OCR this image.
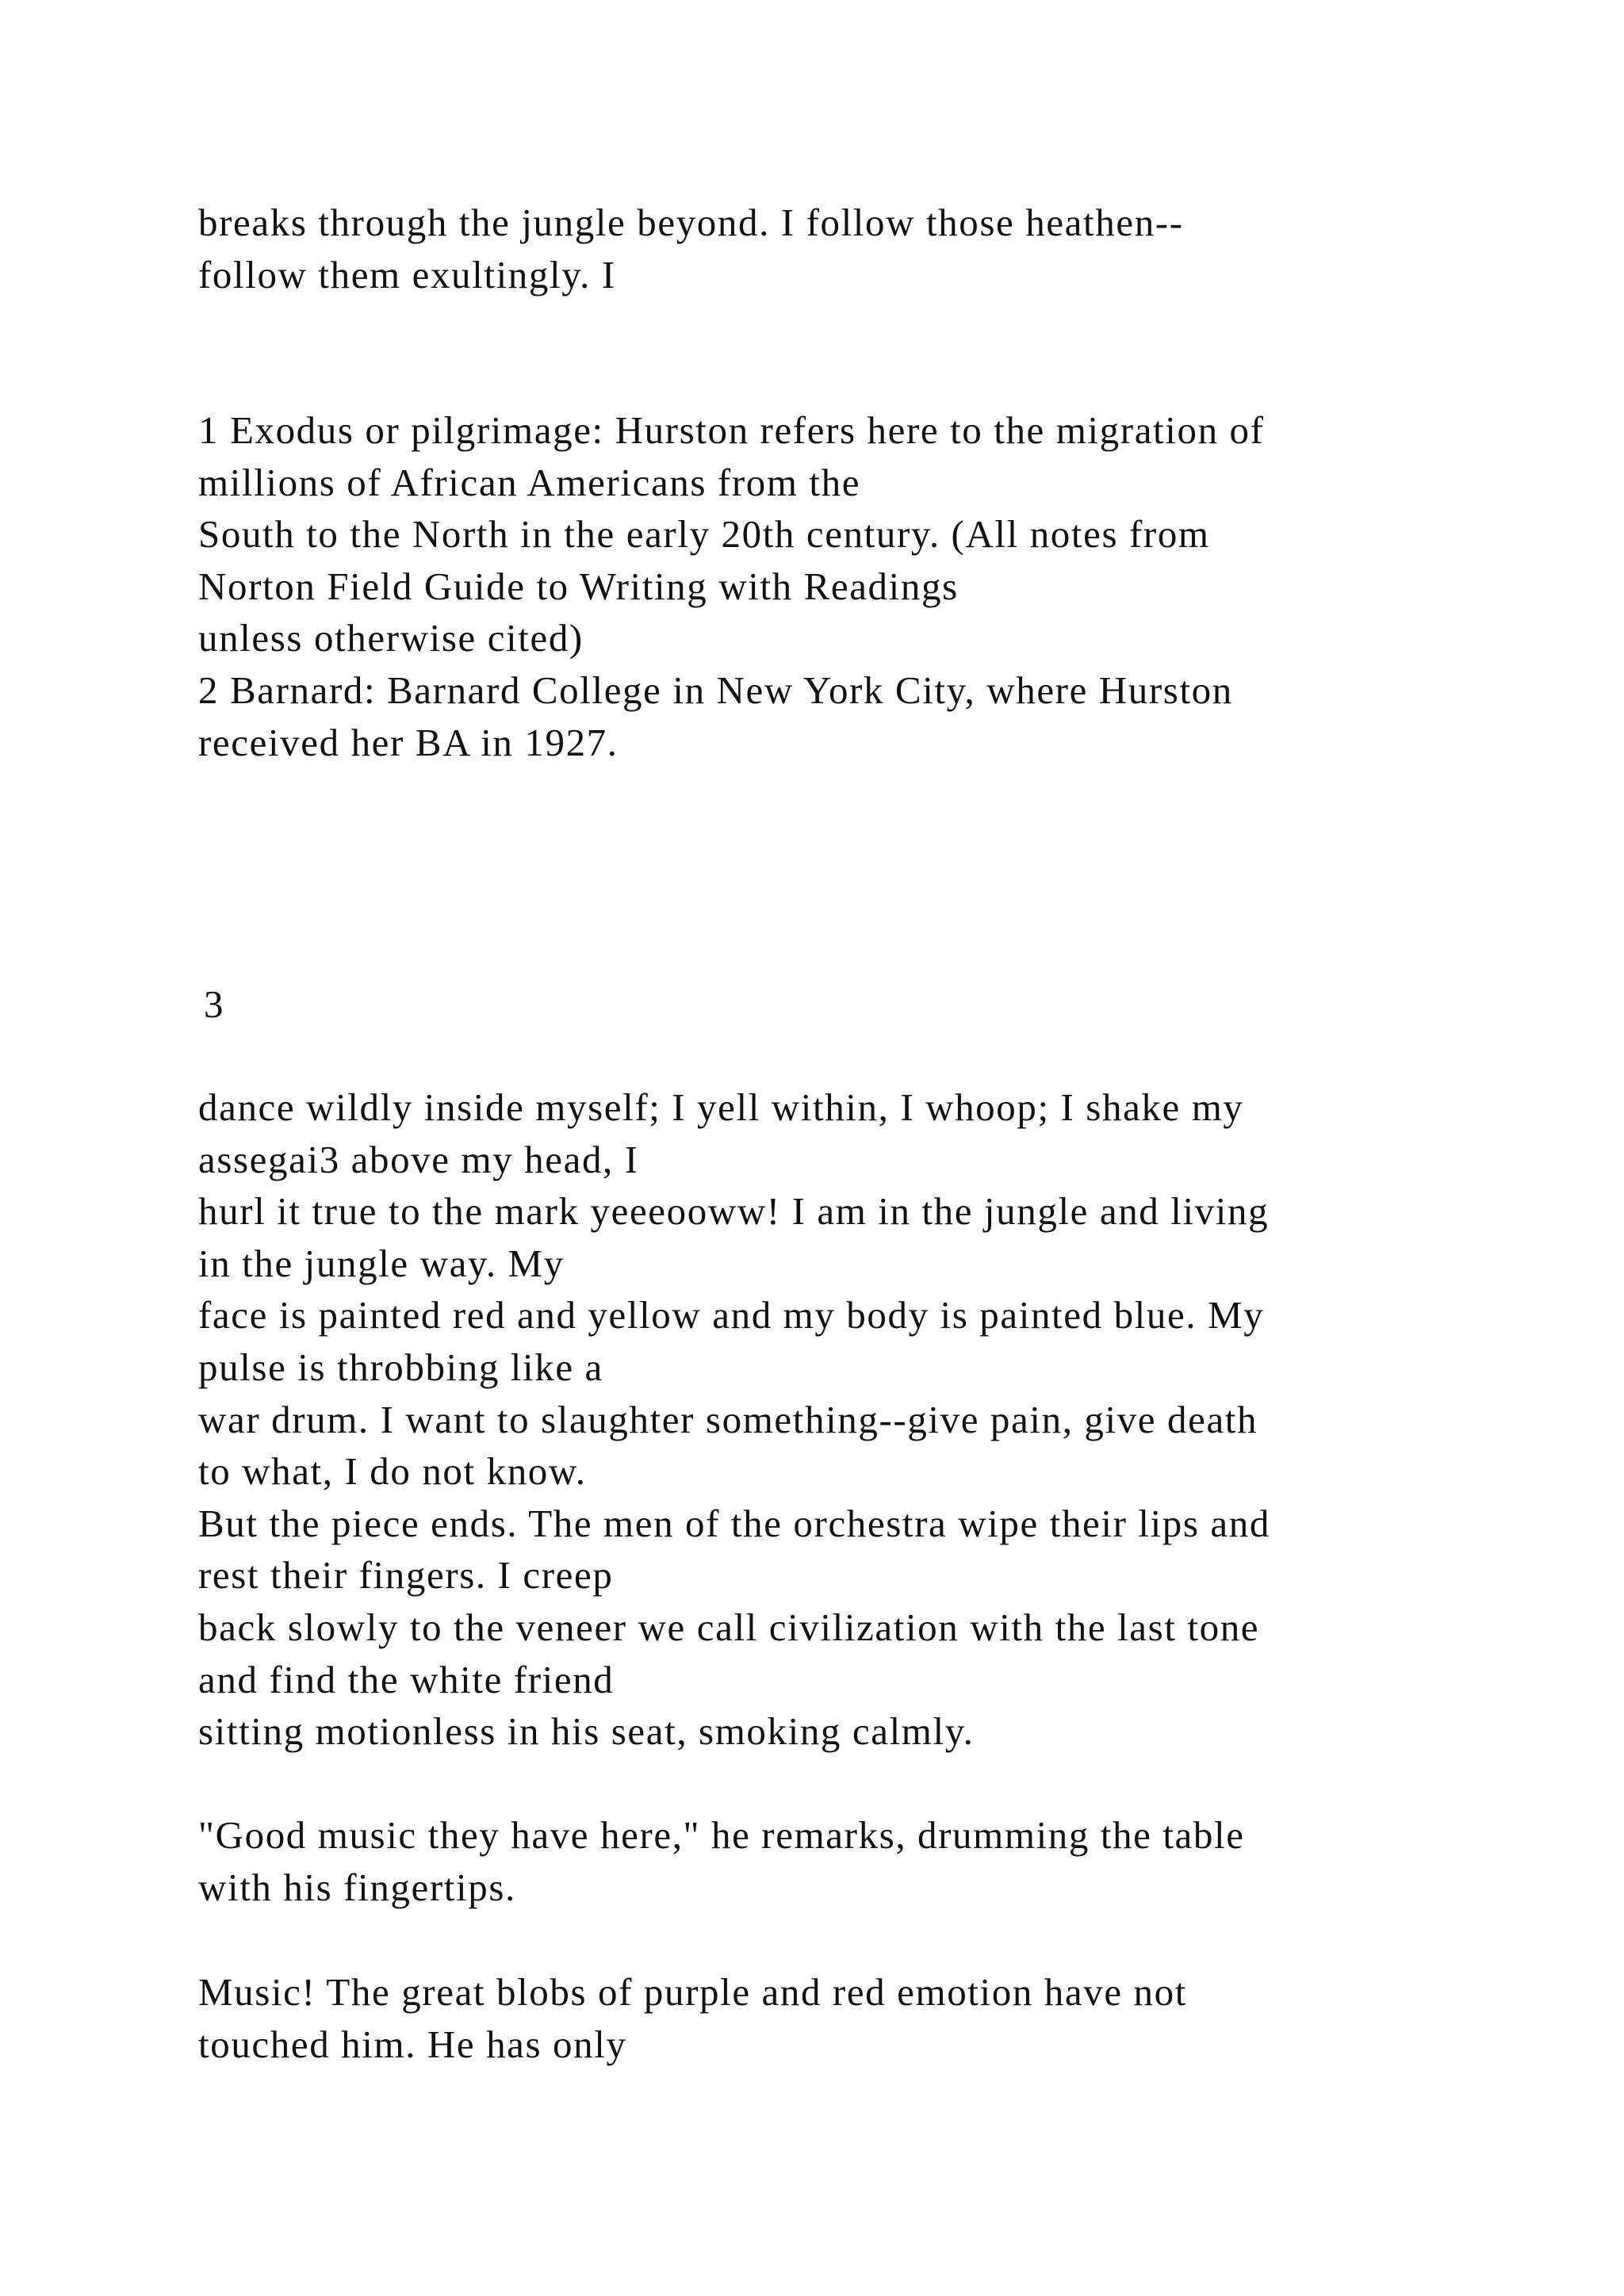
breaks through the jungle beyond. I follow those heathen--
follow them exultingly. I
1 Exodus or pilgrimage: Hurston refers here to the migration of
millions of African Americans from the
South to the North in the early 20th century. (All notes from
Norton Field Guide to Writing with Readings
unless otherwise cited)
2 Barnard: Barnard College in New York City, where Hurston
received her BA in 1927.
3
dance wildly inside myself; I yell within, I whoop; I shake my
assegai3 above my head, I
hurl it true to the mark yeeeooww! I am in the jungle and living
in the jungle way. My
face is painted red and yellow and my body is painted blue. My
pulse is throbbing like a
war drum. I want to slaughter something--give pain, give death
to what, I do not know.
But the piece ends. The men of the orchestra wipe their lips and
rest their fingers. I creep
back slowly to the veneer we call civilization with the last tone
and find the white friend
sitting motionless in his seat, smoking calmly.
"Good music they have here," he remarks, drumming the table
with his fingertips.
Music! The great blobs of purple and red emotion have not
touched him. He has only
